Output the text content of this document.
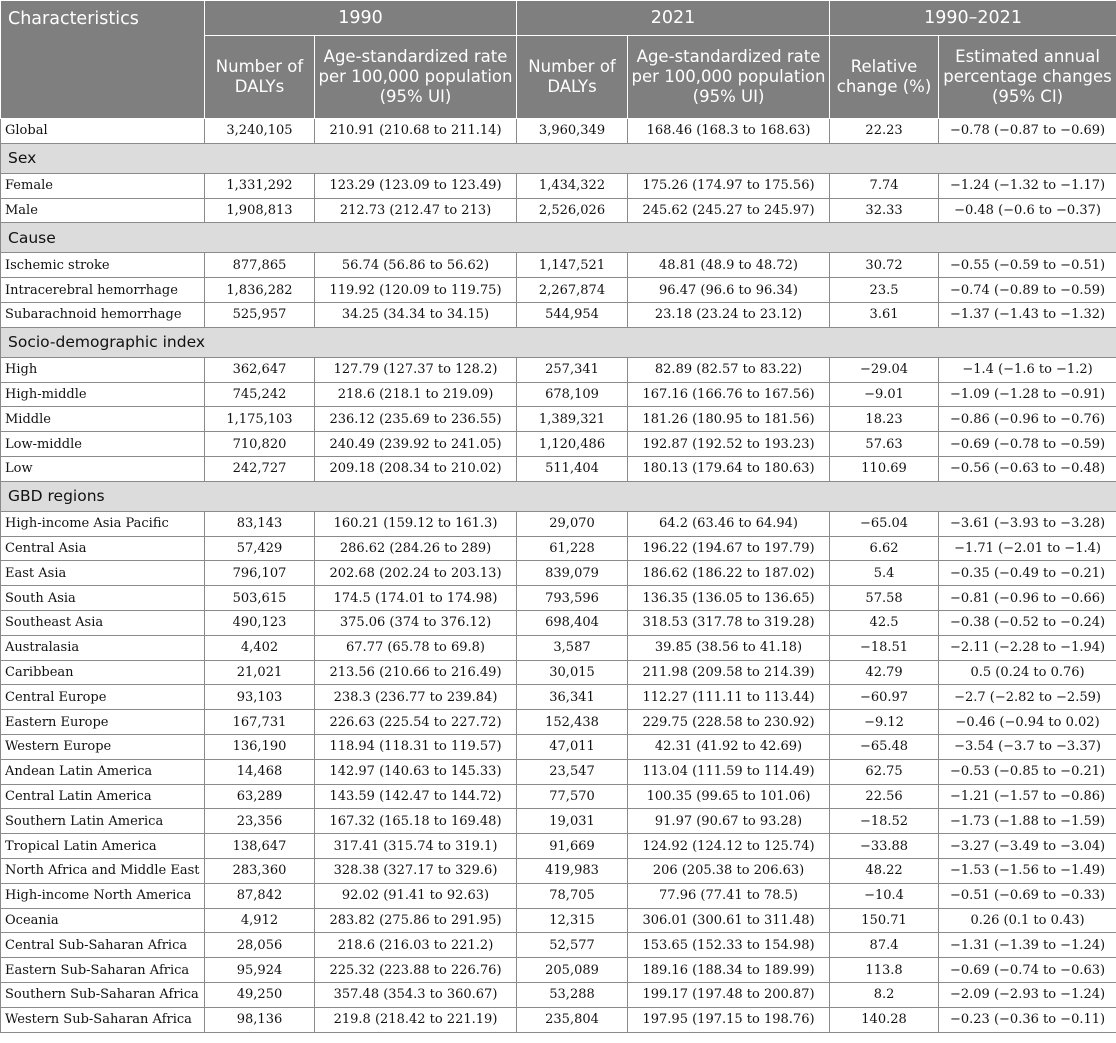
Characteristics	1990		2021		1990–2021	
	Number of DALYs	Age-standardized rate per 100,000 population (95% UI)	Number of DALYs	Age-standardized rate per 100,000 population (95% UI)	Relative change (%)	Estimated annual percentage changes (95% CI)
Global	3,240,105	210.91 (210.68 to 211.14)	3,960,349	168.46 (168.3 to 168.63)	22.23	−0.78 (−0.87 to −0.69)
Sex						
Female	1,331,292	123.29 (123.09 to 123.49)	1,434,322	175.26 (174.97 to 175.56)	7.74	−1.24 (−1.32 to −1.17)
Male	1,908,813	212.73 (212.47 to 213)	2,526,026	245.62 (245.27 to 245.97)	32.33	−0.48 (−0.6 to −0.37)
Cause						
Ischemic stroke	877,865	56.74 (56.86 to 56.62)	1,147,521	48.81 (48.9 to 48.72)	30.72	−0.55 (−0.59 to −0.51)
Intracerebral hemorrhage	1,836,282	119.92 (120.09 to 119.75)	2,267,874	96.47 (96.6 to 96.34)	23.5	−0.74 (−0.89 to −0.59)
Subarachnoid hemorrhage	525,957	34.25 (34.34 to 34.15)	544,954	23.18 (23.24 to 23.12)	3.61	−1.37 (−1.43 to −1.32)
Socio-demographic index						
High	362,647	127.79 (127.37 to 128.2)	257,341	82.89 (82.57 to 83.22)	−29.04	−1.4 (−1.6 to −1.2)
High-middle	745,242	218.6 (218.1 to 219.09)	678,109	167.16 (166.76 to 167.56)	−9.01	−1.09 (−1.28 to −0.91)
Middle	1,175,103	236.12 (235.69 to 236.55)	1,389,321	181.26 (180.95 to 181.56)	18.23	−0.86 (−0.96 to −0.76)
Low-middle	710,820	240.49 (239.92 to 241.05)	1,120,486	192.87 (192.52 to 193.23)	57.63	−0.69 (−0.78 to −0.59)
Low	242,727	209.18 (208.34 to 210.02)	511,404	180.13 (179.64 to 180.63)	110.69	−0.56 (−0.63 to −0.48)
GBD regions						
High-income Asia Pacific	83,143	160.21 (159.12 to 161.3)	29,070	64.2 (63.46 to 64.94)	−65.04	−3.61 (−3.93 to −3.28)
Central Asia	57,429	286.62 (284.26 to 289)	61,228	196.22 (194.67 to 197.79)	6.62	−1.71 (−2.01 to −1.4)
East Asia	796,107	202.68 (202.24 to 203.13)	839,079	186.62 (186.22 to 187.02)	5.4	−0.35 (−0.49 to −0.21)
South Asia	503,615	174.5 (174.01 to 174.98)	793,596	136.35 (136.05 to 136.65)	57.58	−0.81 (−0.96 to −0.66)
Southeast Asia	490,123	375.06 (374 to 376.12)	698,404	318.53 (317.78 to 319.28)	42.5	−0.38 (−0.52 to −0.24)
Australasia	4,402	67.77 (65.78 to 69.8)	3,587	39.85 (38.56 to 41.18)	−18.51	−2.11 (−2.28 to −1.94)
Caribbean	21,021	213.56 (210.66 to 216.49)	30,015	211.98 (209.58 to 214.39)	42.79	0.5 (0.24 to 0.76)
Central Europe	93,103	238.3 (236.77 to 239.84)	36,341	112.27 (111.11 to 113.44)	−60.97	−2.7 (−2.82 to −2.59)
Eastern Europe	167,731	226.63 (225.54 to 227.72)	152,438	229.75 (228.58 to 230.92)	−9.12	−0.46 (−0.94 to 0.02)
Western Europe	136,190	118.94 (118.31 to 119.57)	47,011	42.31 (41.92 to 42.69)	−65.48	−3.54 (−3.7 to −3.37)
Andean Latin America	14,468	142.97 (140.63 to 145.33)	23,547	113.04 (111.59 to 114.49)	62.75	−0.53 (−0.85 to −0.21)
Central Latin America	63,289	143.59 (142.47 to 144.72)	77,570	100.35 (99.65 to 101.06)	22.56	−1.21 (−1.57 to −0.86)
Southern Latin America	23,356	167.32 (165.18 to 169.48)	19,031	91.97 (90.67 to 93.28)	−18.52	−1.73 (−1.88 to −1.59)
Tropical Latin America	138,647	317.41 (315.74 to 319.1)	91,669	124.92 (124.12 to 125.74)	−33.88	−3.27 (−3.49 to −3.04)
North Africa and Middle East	283,360	328.38 (327.17 to 329.6)	419,983	206 (205.38 to 206.63)	48.22	−1.53 (−1.56 to −1.49)
High-income North America	87,842	92.02 (91.41 to 92.63)	78,705	77.96 (77.41 to 78.5)	−10.4	−0.51 (−0.69 to −0.33)
Oceania	4,912	283.82 (275.86 to 291.95)	12,315	306.01 (300.61 to 311.48)	150.71	0.26 (0.1 to 0.43)
Central Sub-Saharan Africa	28,056	218.6 (216.03 to 221.2)	52,577	153.65 (152.33 to 154.98)	87.4	−1.31 (−1.39 to −1.24)
Eastern Sub-Saharan Africa	95,924	225.32 (223.88 to 226.76)	205,089	189.16 (188.34 to 189.99)	113.8	−0.69 (−0.74 to −0.63)
Southern Sub-Saharan Africa	49,250	357.48 (354.3 to 360.67)	53,288	199.17 (197.48 to 200.87)	8.2	−2.09 (−2.93 to −1.24)
Western Sub-Saharan Africa	98,136	219.8 (218.42 to 221.19)	235,804	197.95 (197.15 to 198.76)	140.28	−0.23 (−0.36 to −0.11)
